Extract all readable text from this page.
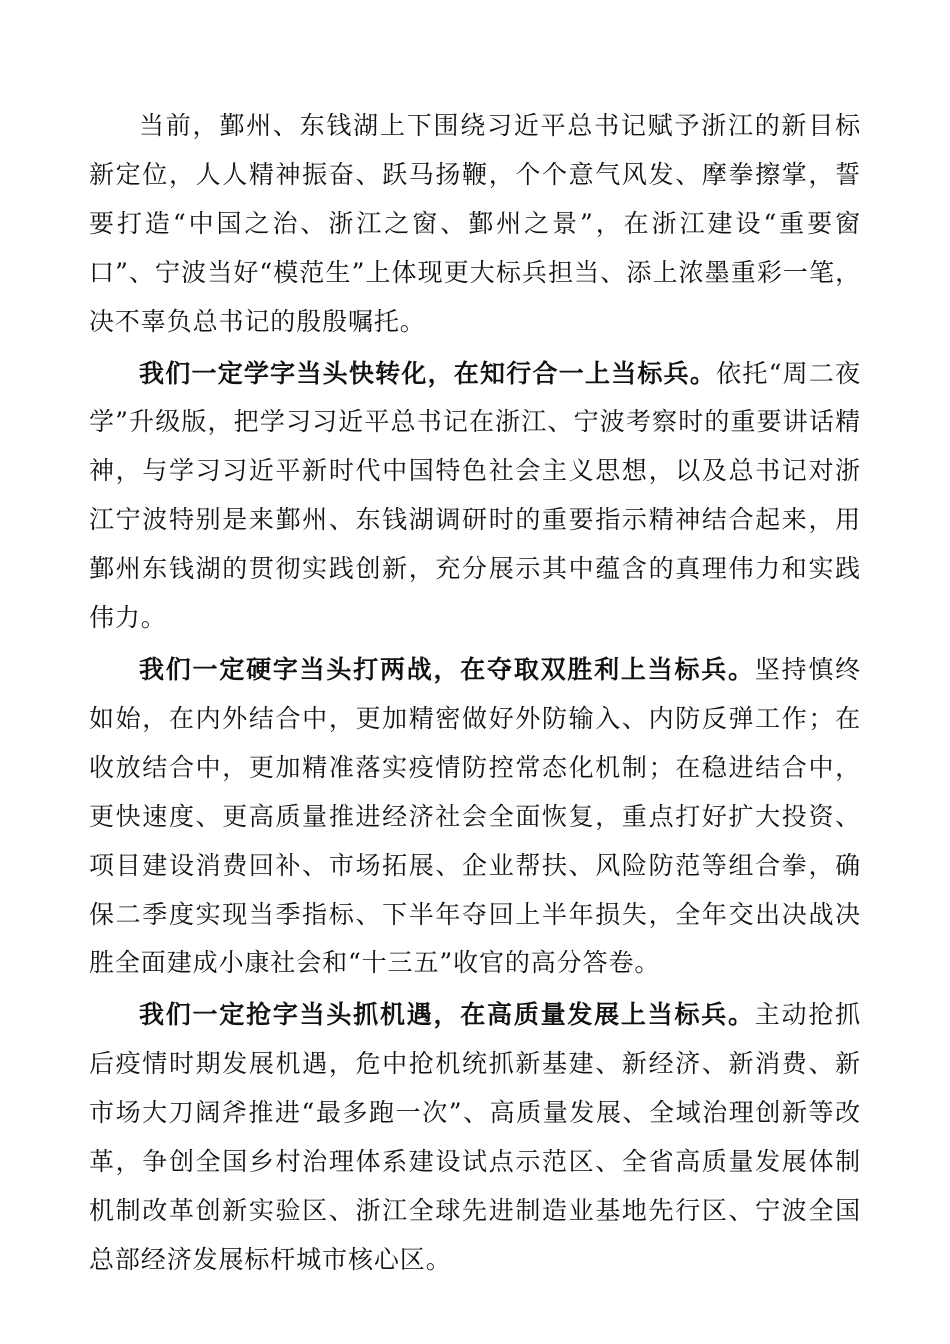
当前，鄞州、东钱湖上下围绕习近平总书记赋予浙江的新目标新定位，人人精神振奋、跃马扬鞭，个个意气风发、摩拳擦掌，誓要打造“中国之治、浙江之窗、鄞州之景”，在浙江建设“重要窗口”、宁波当好“模范生”上体现更大标兵担当、添上浓墨重彩一笔，决不辜负总书记的殷殷嘱托。

我们一定学字当头快转化，在知行合一上当标兵。依托“周二夜学”升级版，把学习习近平总书记在浙江、宁波考察时的重要讲话精神，与学习习近平新时代中国特色社会主义思想，以及总书记对浙江宁波特别是来鄞州、东钱湖调研时的重要指示精神结合起来，用鄞州东钱湖的贯彻实践创新，充分展示其中蕴含的真理伟力和实践伟力。

我们一定硬字当头打两战，在夺取双胜利上当标兵。坚持慎终如始，在内外结合中，更加精密做好外防输入、内防反弹工作；在收放结合中，更加精准落实疫情防控常态化机制；在稳进结合中，更快速度、更高质量推进经济社会全面恢复，重点打好扩大投资、项目建设消费回补、市场拓展、企业帮扶、风险防范等组合拳，确保二季度实现当季指标、下半年夺回上半年损失，全年交出决战决胜全面建成小康社会和“十三五”收官的高分答卷。

我们一定抢字当头抓机遇，在高质量发展上当标兵。主动抢抓后疫情时期发展机遇，危中抢机统抓新基建、新经济、新消费、新市场大刀阔斧推进“最多跑一次”、高质量发展、全域治理创新等改革，争创全国乡村治理体系建设试点示范区、全省高质量发展体制机制改革创新实验区、浙江全球先进制造业基地先行区、宁波全国总部经济发展标杆城市核心区。
